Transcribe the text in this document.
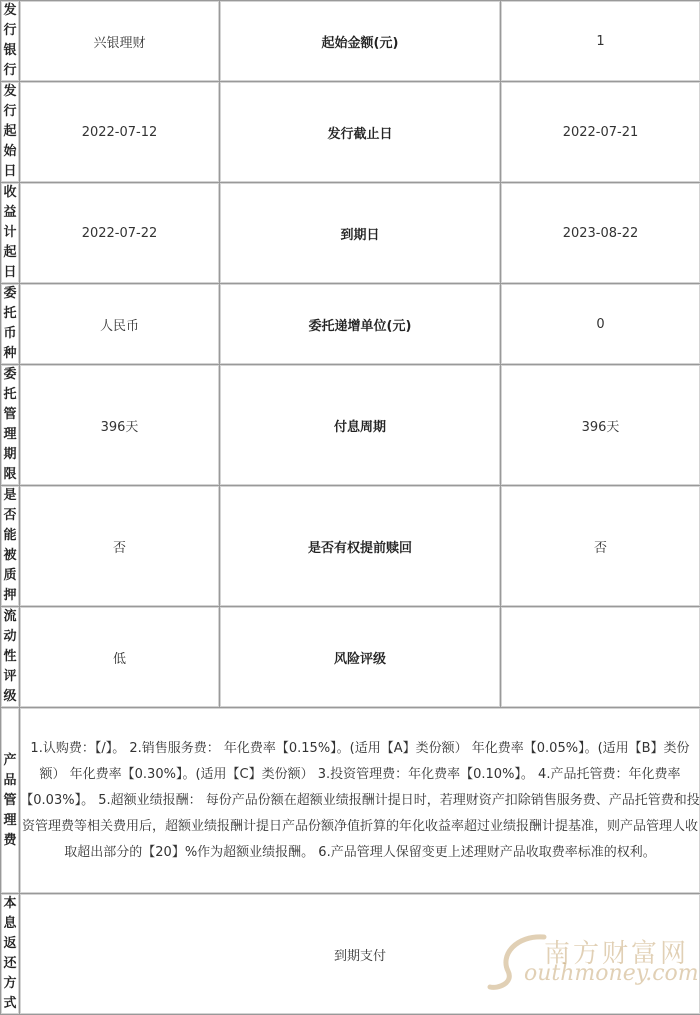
发行银行	兴银理财	起始金额(元)	1

发行起始日	2022-07-12	发行截止日	2022-07-21

收益计起日	2022-07-22	到期日	2023-08-22

委托币种	人民币	委托递增单位(元)	0

委托管理期限	396天	付息周期	396天

是否能被质押	否	是否有权提前赎回	否

流动性评级	低	风险评级	

产品管理费	1.认购费：【/】。 2.销售服务费： 年化费率【0.15%】。(适用【A】类份额） 年化费率【0.05%】。(适用【B】类份额） 年化费率【0.30%】。(适用【C】类份额） 3.投资管理费：年化费率【0.10%】。 4.产品托管费：年化费率【0.03%】。 5.超额业绩报酬： 每份产品份额在超额业绩报酬计提日时，若理财资产扣除销售服务费、产品托管费和投资管理费等相关费用后，超额业绩报酬计提日产品份额净值折算的年化收益率超过业绩报酬计提基准，则产品管理人收取超出部分的【20】%作为超额业绩报酬。 6.产品管理人保留变更上述理财产品收取费率标准的权利。		

本息返还方式	到期支付			南方财富网
outhmoney.com
